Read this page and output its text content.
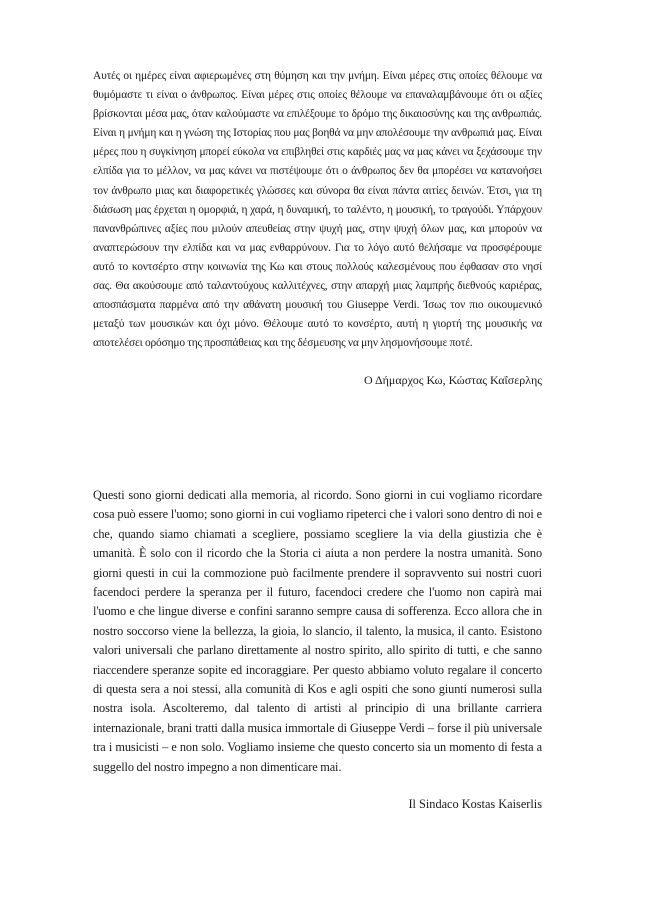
Αυτές οι ημέρες είναι αφιερωμένες στη θύμηση και την μνήμη. Είναι μέρες στις οποίες θέλουμε να θυμόμαστε τι είναι ο άνθρωπος. Είναι μέρες στις οποίες θέλουμε να επαναλαμβάνουμε ότι οι αξίες βρίσκονται μέσα μας, όταν καλούμαστε να επιλέξουμε το δρόμο της δικαιοσύνης και της ανθρωπιάς. Είναι η μνήμη και η γνώση της Ιστορίας που μας βοηθά να μην απολέσουμε την ανθρωπιά μας. Είναι μέρες που η συγκίνηση μπορεί εύκολα να επιβληθεί στις καρδιές μας να μας κάνει να ξεχάσουμε την ελπίδα για το μέλλον, να μας κάνει να πιστέψουμε ότι ο άνθρωπος δεν θα μπορέσει να κατανοήσει τον άνθρωπο μιας και διαφορετικές γλώσσες και σύνορα θα είναι πάντα αιτίες δεινών. Έτσι, για τη διάσωση μας έρχεται η ομορφιά, η χαρά, η δυναμική, το ταλέντο, η μουσική, το τραγούδι. Υπάρχουν πανανθρώπινες αξίες που μιλούν απευθείας στην ψυχή μας, στην ψυχή όλων μας, και μπορούν να αναπτερώσουν την ελπίδα και να μας ενθαρρύνουν. Για το λόγο αυτό θελήσαμε να προσφέρουμε αυτό το κοντσέρτο στην κοινωνία της Κω και στους πολλούς καλεσμένους που έφθασαν στο νησί σας. Θα ακούσουμε από ταλαντούχους καλλιτέχνες, στην απαρχή μιας λαμπρής διεθνούς καριέρας, αποσπάσματα παρμένα από την αθάνατη μουσική του Giuseppe Verdi. Ίσως τον πιο οικουμενικό μεταξύ των μουσικών και όχι μόνο. Θέλουμε αυτό το κονσέρτο, αυτή η γιορτή της μουσικής να αποτελέσει ορόσημο της προσπάθειας και της δέσμευσης να μην λησμονήσουμε ποτέ.

Ο Δήμαρχος Κω, Κώστας Καΐσερλης

Questi sono giorni dedicati alla memoria, al ricordo. Sono giorni in cui vogliamo ricordare cosa può essere l'uomo; sono giorni in cui vogliamo ripeterci che i valori sono dentro di noi e che, quando siamo chiamati a scegliere, possiamo scegliere la via della giustizia che è umanità. È solo con il ricordo che la Storia ci aiuta a non perdere la nostra umanità. Sono giorni questi in cui la commozione può facilmente prendere il sopravvento sui nostri cuori facendoci perdere la speranza per il futuro, facendoci credere che l'uomo non capirà mai l'uomo e che lingue diverse e confini saranno sempre causa di sofferenza. Ecco allora che in nostro soccorso viene la bellezza, la gioia, lo slancio, il talento, la musica, il canto. Esistono valori universali che parlano direttamente al nostro spirito, allo spirito di tutti, e che sanno riaccendere speranze sopite ed incoraggiare. Per questo abbiamo voluto regalare il concerto di questa sera a noi stessi, alla comunità di Kos e agli ospiti che sono giunti numerosi sulla nostra isola. Ascolteremo, dal talento di artisti al principio di una brillante carriera internazionale, brani tratti dalla musica immortale di Giuseppe Verdi – forse il più universale tra i musicisti – e non solo. Vogliamo insieme che questo concerto sia un momento di festa a suggello del nostro impegno a non dimenticare mai.

Il Sindaco Kostas Kaiserlis
